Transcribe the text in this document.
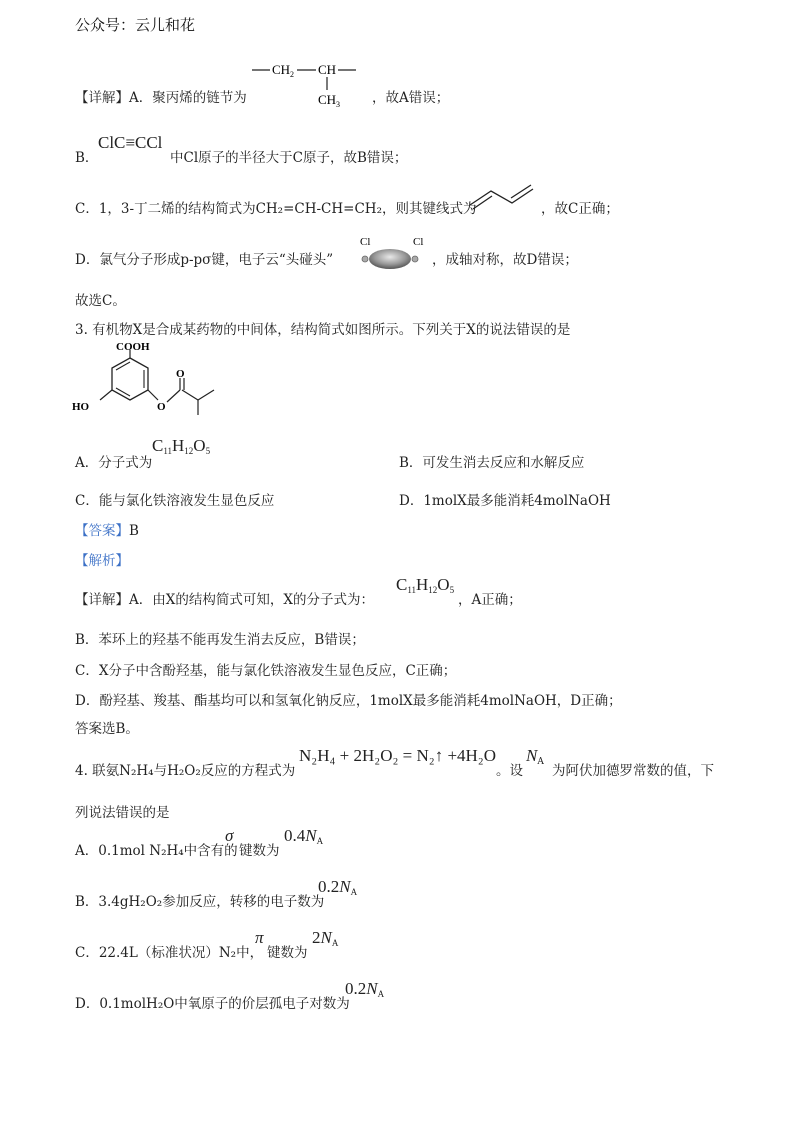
公众号：云儿和花
CH 2 CH
CH 3
【详解】A．聚丙烯的链节为	，故A错误；
B．
ClC≡CCl
中Cl原子的半径大于C原子，故B错误；
C．1，3-丁二烯的结构简式为CH₂=CH-CH=CH₂，则其键线式为	，故C正确；
D．氯气分子形成p-pσ键，电子云“头碰头”
Cl	Cl
，成轴对称，故D错误；
故选C。
3. 有机物X是合成某药物的中间体，结构简式如图所示。下列关于X的说法错误的是
COOH
HO	O
O
A．分子式为
$C_{11}H_{12}O_5$
B．可发生消去反应和水解反应
C．能与氯化铁溶液发生显色反应	D．1molX最多能消耗4molNaOH
【答案】B
【解析】
【详解】A．由X的结构简式可知，X的分子式为：
$C_{11}H_{12}O_5$
，A正确；
B．苯环上的羟基不能再发生消去反应，B错误；
C．X分子中含酚羟基，能与氯化铁溶液发生显色反应，C正确；
D．酚羟基、羧基、酯基均可以和氢氧化钠反应，1molX最多能消耗4molNaOH，D正确；
答案选B。
4. 联氨N₂H₄与H₂O₂反应的方程式为
N₂H₄ + 2H₂O₂ = N₂↑ +4H₂O
。设
$N_A$
为阿伏加德罗常数的值，下
列说法错误的是
A．0.1mol N₂H₄中含有的
σ
键数为
$0.4N_A$
B．3.4gH₂O₂参加反应，转移的电子数为
$0.2N_A$
C．22.4L（标准状况）N₂中，
π
键数为
$2N_A$
D．0.1molH₂O中氧原子的价层孤电子对数为
$0.2N_A$
